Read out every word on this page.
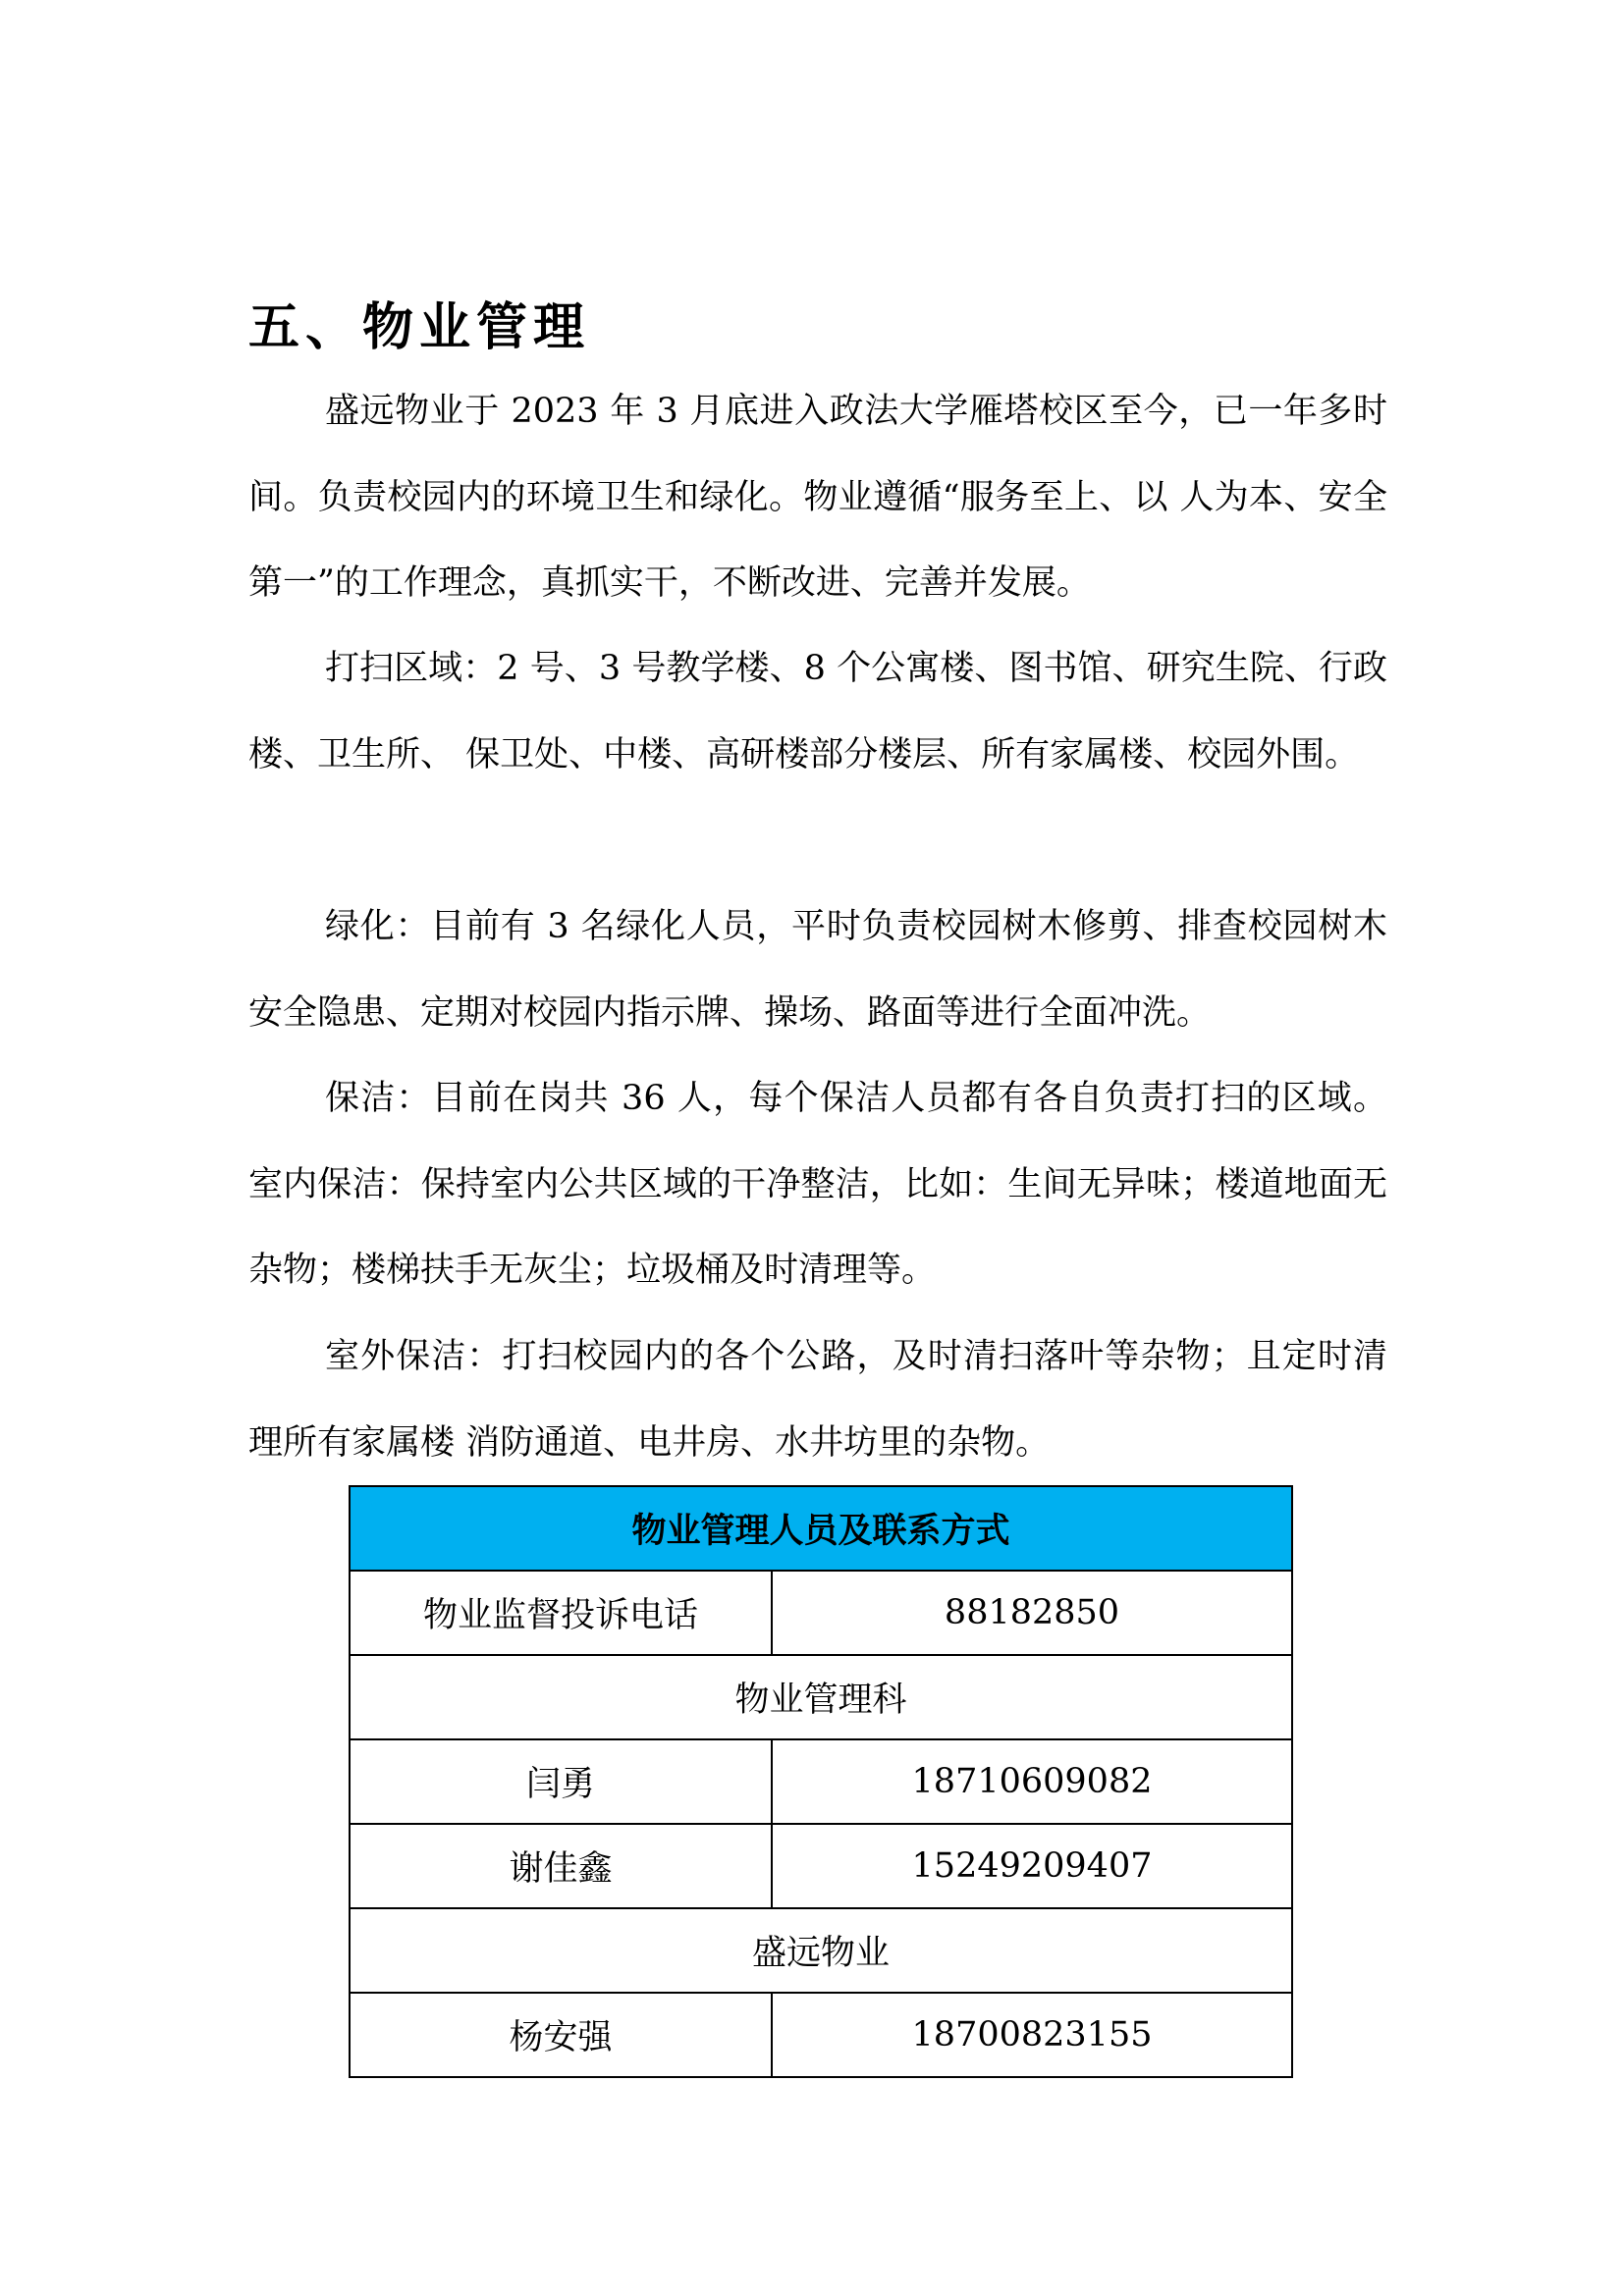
五、物业管理

盛远物业于 2023 年 3 月底进入政法大学雁塔校区至今，已一年多时间。负责校园内的环境卫生和绿化。物业遵循“服务至上、以 人为本、安全第一”的工作理念，真抓实干，不断改进、完善并发展。

打扫区域：2 号、3 号教学楼、8 个公寓楼、图书馆、研究生院、行政楼、卫生所、 保卫处、中楼、高研楼部分楼层、所有家属楼、校园外围。

绿化：目前有 3 名绿化人员，平时负责校园树木修剪、排查校园树木安全隐患、定期对校园内指示牌、操场、路面等进行全面冲洗。

保洁：目前在岗共 36 人，每个保洁人员都有各自负责打扫的区域。 室内保洁：保持室内公共区域的干净整洁，比如：生间无异味；楼道地面无杂物；楼梯扶手无灰尘；垃圾桶及时清理等。

室外保洁：打扫校园内的各个公路，及时清扫落叶等杂物；且定时清理所有家属楼 消防通道、电井房、水井坊里的杂物。

物业管理人员及联系方式	
物业监督投诉电话	88182850
物业管理科	
闫勇	18710609082
谢佳鑫	15249209407
盛远物业	
杨安强	18700823155
